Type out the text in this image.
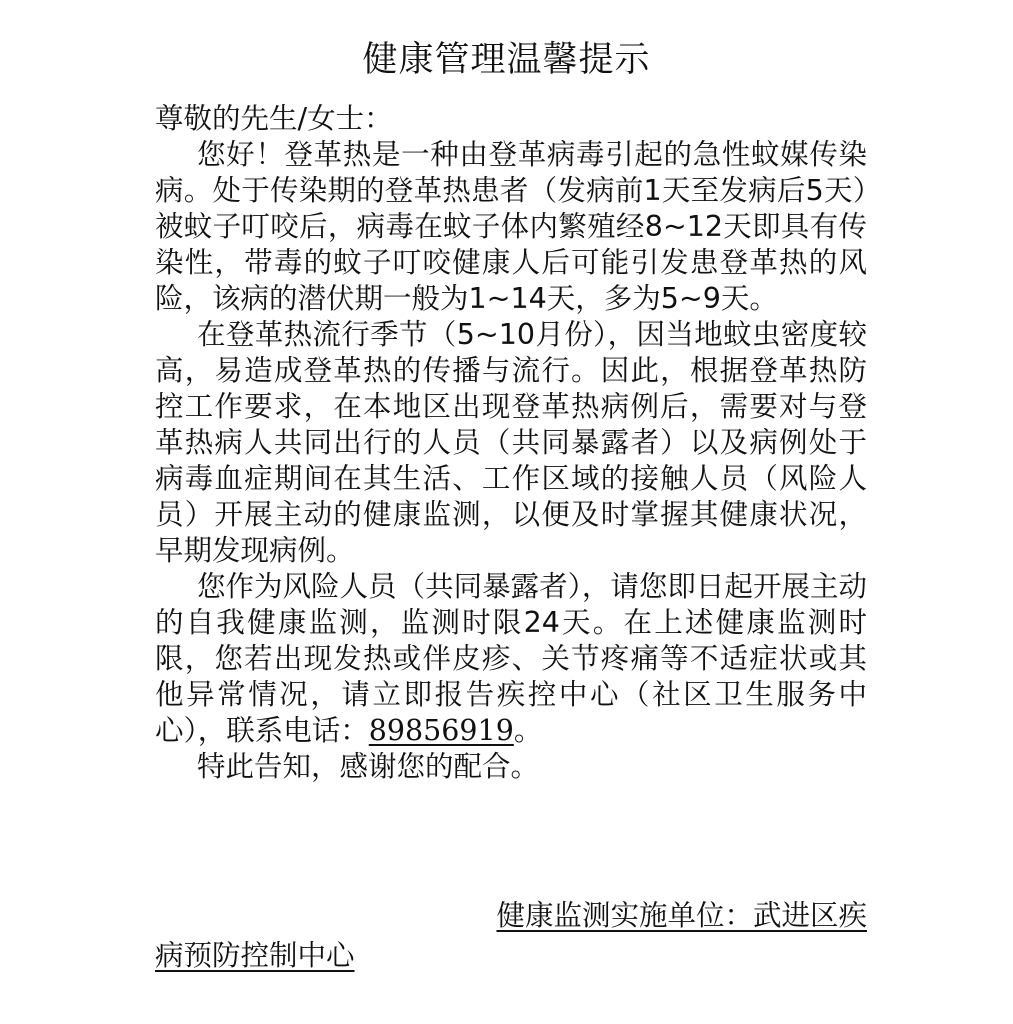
健康管理温馨提示

尊敬的先生/女士：

您好！登革热是一种由登革病毒引起的急性蚊媒传染病。处于传染期的登革热患者（发病前1天至发病后5天）被蚊子叮咬后，病毒在蚊子体内繁殖经8~12天即具有传染性，带毒的蚊子叮咬健康人后可能引发患登革热的风险，该病的潜伏期一般为1~14天，多为5~9天。

在登革热流行季节（5~10月份），因当地蚊虫密度较高，易造成登革热的传播与流行。因此，根据登革热防控工作要求，在本地区出现登革热病例后，需要对与登革热病人共同出行的人员（共同暴露者）以及病例处于病毒血症期间在其生活、工作区域的接触人员（风险人员）开展主动的健康监测，以便及时掌握其健康状况，早期发现病例。

您作为风险人员（共同暴露者），请您即日起开展主动的自我健康监测，监测时限24天。在上述健康监测时限，您若出现发热或伴皮疹、关节疼痛等不适症状或其他异常情况，请立即报告疾控中心（社区卫生服务中心），联系电话：89856919。

特此告知，感谢您的配合。

健康监测实施单位：武进区疾
病预防控制中心
